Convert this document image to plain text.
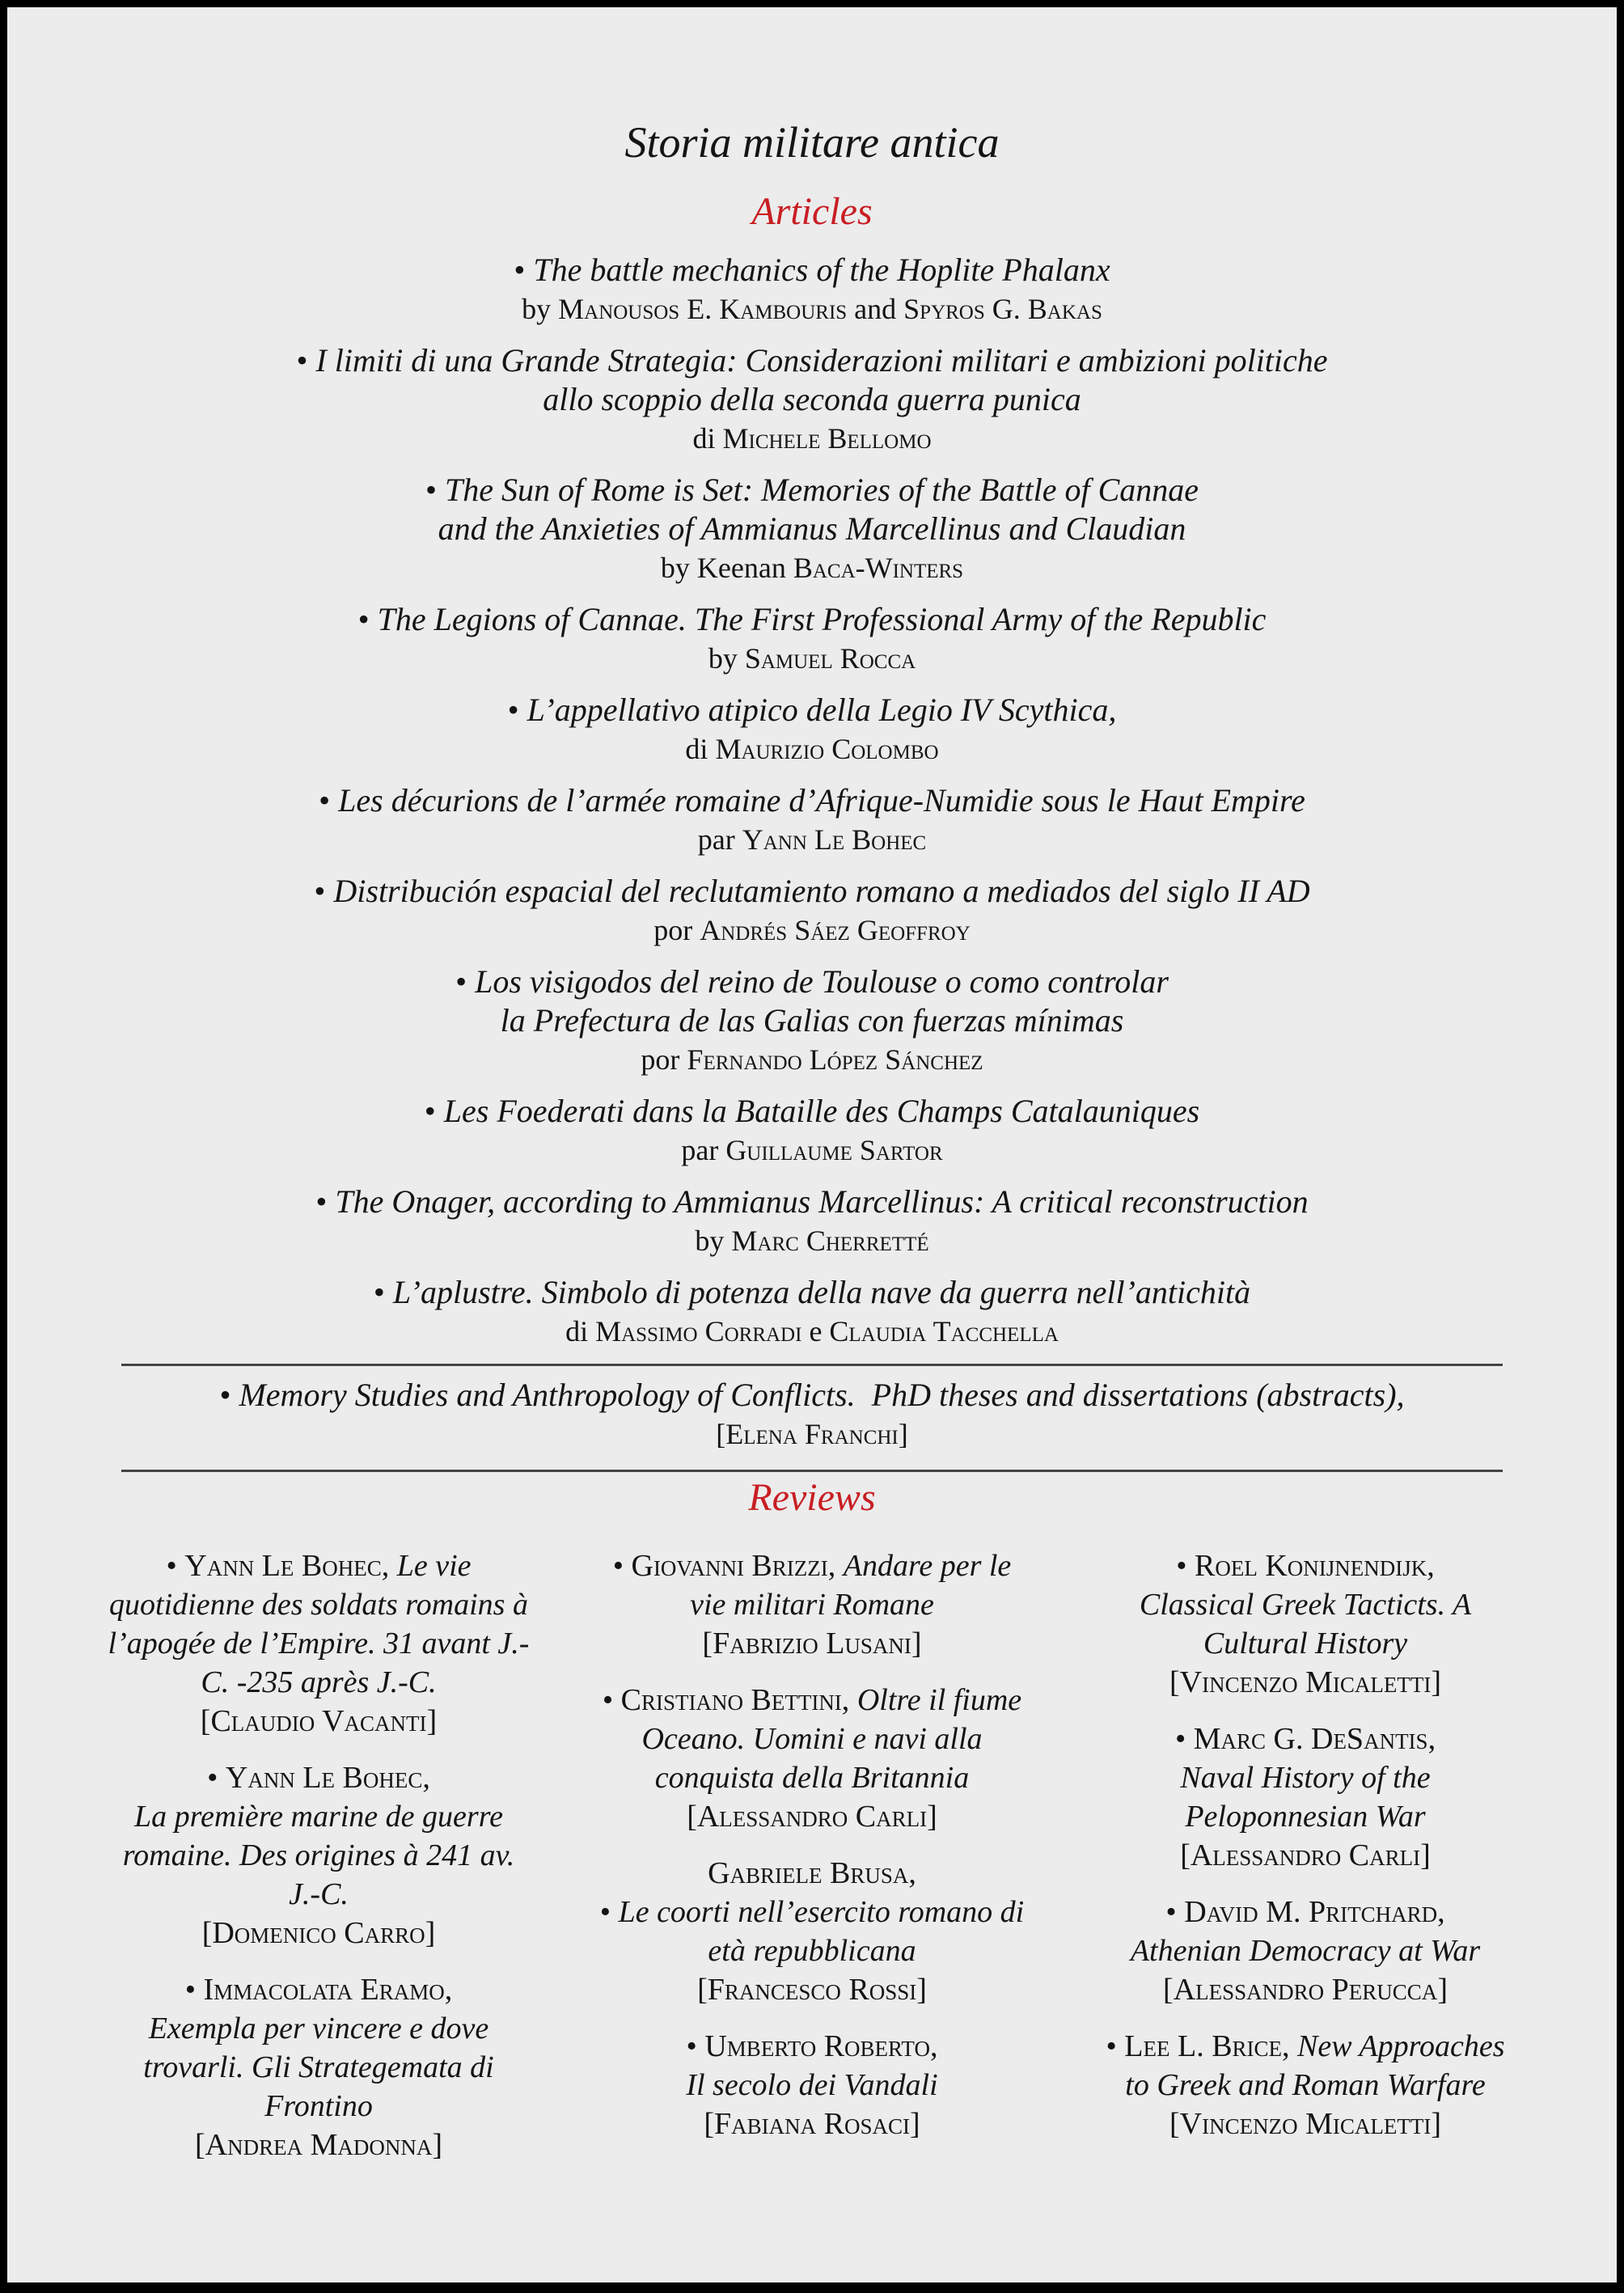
Storia militare antica
Articles
• The battle mechanics of the Hoplite Phalanx
by Manousos E. Kambouris and Spyros G. Bakas
• I limiti di una Grande Strategia: Considerazioni militari e ambizioni politiche
allo scoppio della seconda guerra punica
di Michele Bellomo
• The Sun of Rome is Set: Memories of the Battle of Cannae
and the Anxieties of Ammianus Marcellinus and Claudian
by Keenan Baca-Winters
• The Legions of Cannae. The First Professional Army of the Republic
by Samuel Rocca
• L’appellativo atipico della Legio IV Scythica,
di Maurizio Colombo
• Les décurions de l’armée romaine d’Afrique-Numidie sous le Haut Empire
par Yann Le Bohec
• Distribución espacial del reclutamiento romano a mediados del siglo II AD
por Andrés Sáez Geoffroy
• Los visigodos del reino de Toulouse o como controlar
la Prefectura de las Galias con fuerzas mínimas
por Fernando López Sánchez
• Les Foederati dans la Bataille des Champs Catalauniques
par Guillaume Sartor
• The Onager, according to Ammianus Marcellinus: A critical reconstruction
by Marc Cherretté
• L’aplustre. Simbolo di potenza della nave da guerra nell’antichità
di Massimo Corradi e Claudia Tacchella
• Memory Studies and Anthropology of Conflicts.  PhD theses and dissertations (abstracts),
[Elena Franchi]
Reviews
• Yann Le Bohec, Le vie quotidienne des soldats romains à l’apogée de l’Empire. 31 avant J.-C. -235 après J.-C.
[Claudio Vacanti]
• Yann Le Bohec,
La première marine de guerre romaine. Des origines à 241 av. J.-C.
[Domenico Carro]
• Immacolata Eramo,
Exempla per vincere e dove trovarli. Gli Strategemata di Frontino
[Andrea Madonna]
• Giovanni Brizzi, Andare per le vie militari Romane
[Fabrizio Lusani]
• Cristiano Bettini, Oltre il fiume Oceano. Uomini e navi alla conquista della Britannia
[Alessandro Carli]
Gabriele Brusa,
• Le coorti nell’esercito romano di età repubblicana
[Francesco Rossi]
• Umberto Roberto,
Il secolo dei Vandali
[Fabiana Rosaci]
• Roel Konijnendijk,
Classical Greek Tacticts. A Cultural History
[Vincenzo Micaletti]
• Marc G. DeSantis,
Naval History of the Peloponnesian War
[Alessandro Carli]
• David M. Pritchard,
Athenian Democracy at War
[Alessandro Perucca]
• Lee L. Brice, New Approaches to Greek and Roman Warfare
[Vincenzo Micaletti]
